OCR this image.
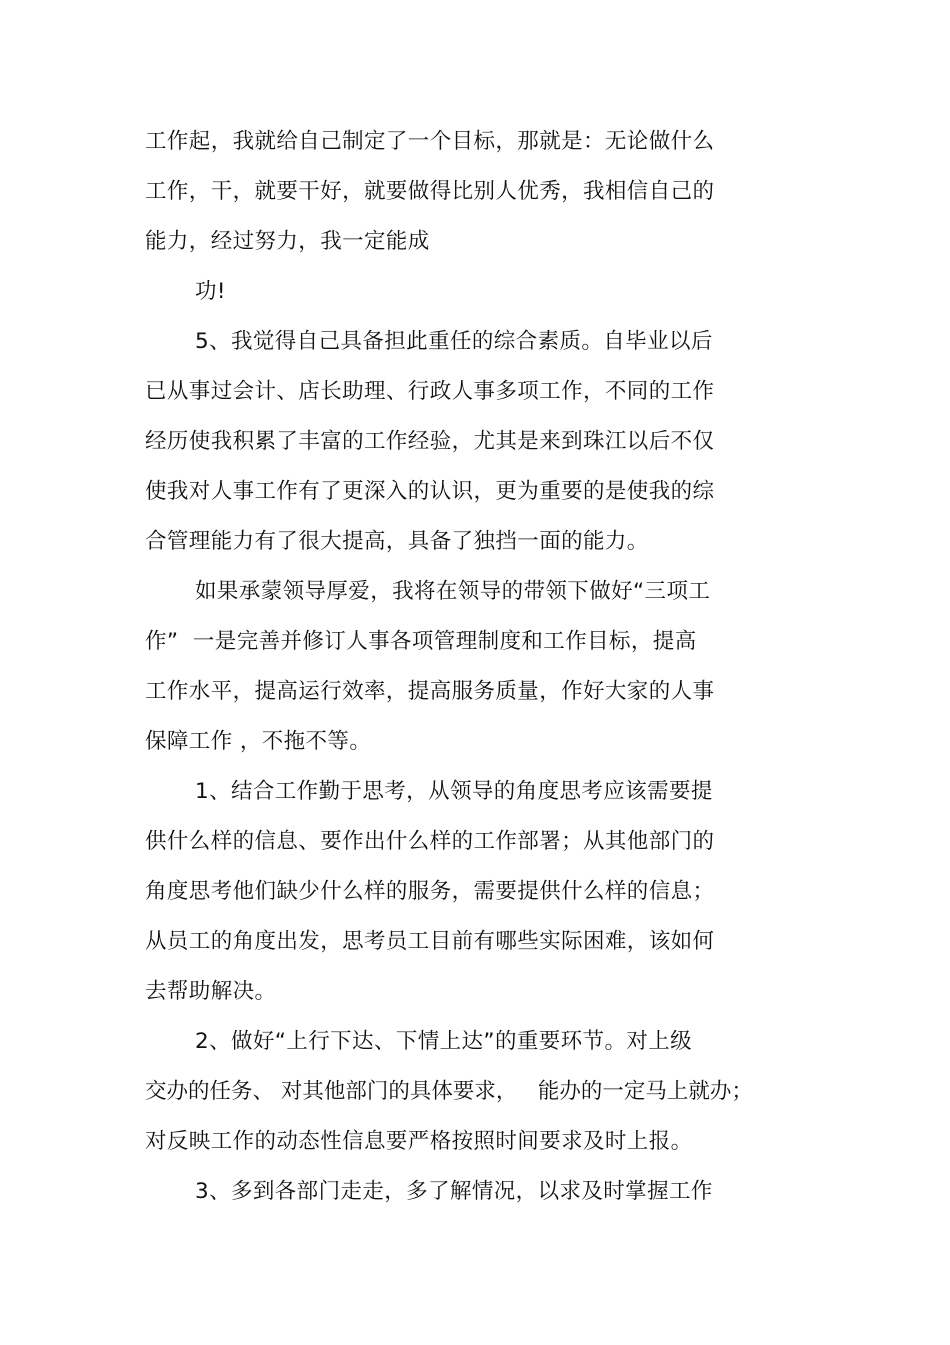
工作起，我就给自己制定了一个目标，那就是：无论做什么
工作，干，就要干好，就要做得比别人优秀，我相信自己的
能力，经过努力，我一定能成
功!
5、我觉得自己具备担此重任的综合素质。自毕业以后
已从事过会计、店长助理、行政人事多项工作，不同的工作
经历使我积累了丰富的工作经验，尤其是来到珠江以后不仅
使我对人事工作有了更深入的认识，更为重要的是使我的综
合管理能力有了很大提高，具备了独挡一面的能力。
如果承蒙领导厚爱，我将在领导的带领下做好“三项工
作”  一是完善并修订人事各项管理制度和工作目标，提高
工作水平，提高运行效率，提高服务质量，作好大家的人事
保障工作 ，不拖不等。
1、结合工作勤于思考，从领导的角度思考应该需要提
供什么样的信息、要作出什么样的工作部署；从其他部门的
角度思考他们缺少什么样的服务，需要提供什么样的信息；
从员工的角度出发，思考员工目前有哪些实际困难，该如何
去帮助解决。
2、做好“上行下达、下情上达”的重要环节。对上级
交办的任务、 对其他部门的具体要求，   能办的一定马上就办；
对反映工作的动态性信息要严格按照时间要求及时上报。
3、多到各部门走走，多了解情况，以求及时掌握工作
